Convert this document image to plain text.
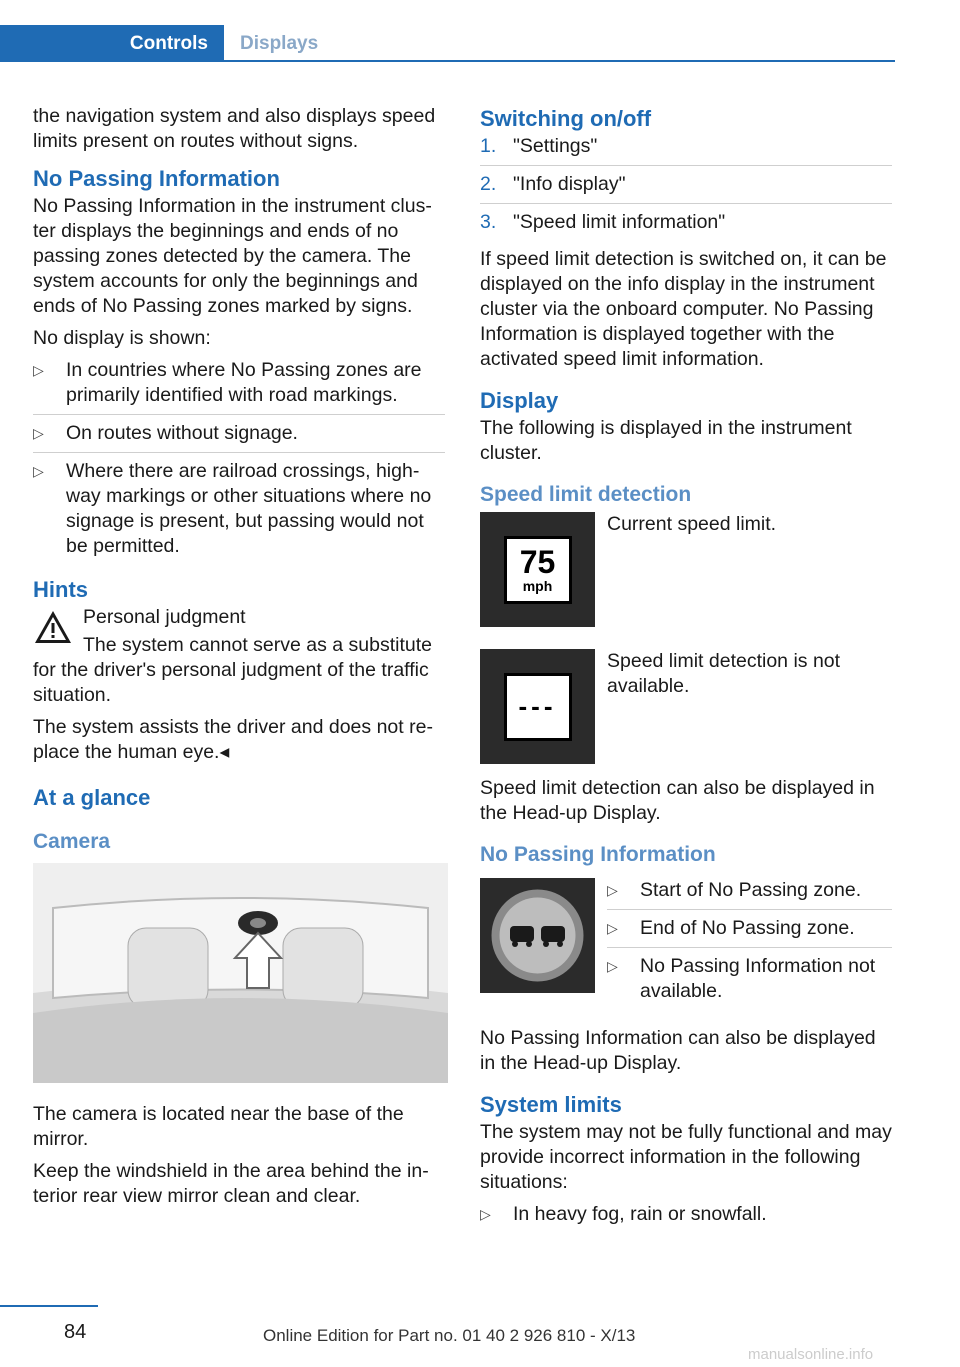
Controls	Displays

the navigation system and also displays speed limits present on routes without signs.

No Passing Information

No Passing Information in the instrument cluster displays the beginnings and ends of no passing zones detected by the camera. The system accounts for only the beginnings and ends of No Passing zones marked by signs.

No display is shown:

▷ In countries where No Passing zones are primarily identified with road markings.
▷ On routes without signage.
▷ Where there are railroad crossings, highway markings or other situations where no signage is present, but passing would not be permitted.
Hints

Personal judgment

The system cannot serve as a substitute for the driver's personal judgment of the traffic situation.

The system assists the driver and does not replace the human eye.◂

At a glance
Camera

The camera is located near the base of the mirror.

Keep the windshield in the area behind the interior rear view mirror clean and clear.

Switching on/off
1. "Settings"
2. "Info display"
3. "Speed limit information"

If speed limit detection is switched on, it can be displayed on the info display in the instrument cluster via the onboard computer. No Passing Information is displayed together with the activated speed limit information.

Display

The following is displayed in the instrument cluster.

Speed limit detection
75
mph

Current speed limit.

---

Speed limit detection is not available.

Speed limit detection can also be displayed in the Head-up Display.

No Passing Information
▷ Start of No Passing zone.
▷ End of No Passing zone.
▷ No Passing Information not available.

No Passing Information can also be displayed in the Head-up Display.

System limits

The system may not be fully functional and may provide incorrect information in the following situations:

▷ In heavy fog, rain or snowfall.
84	Online Edition for Part no. 01 40 2 926 810 - X/13
manualsonline.info
